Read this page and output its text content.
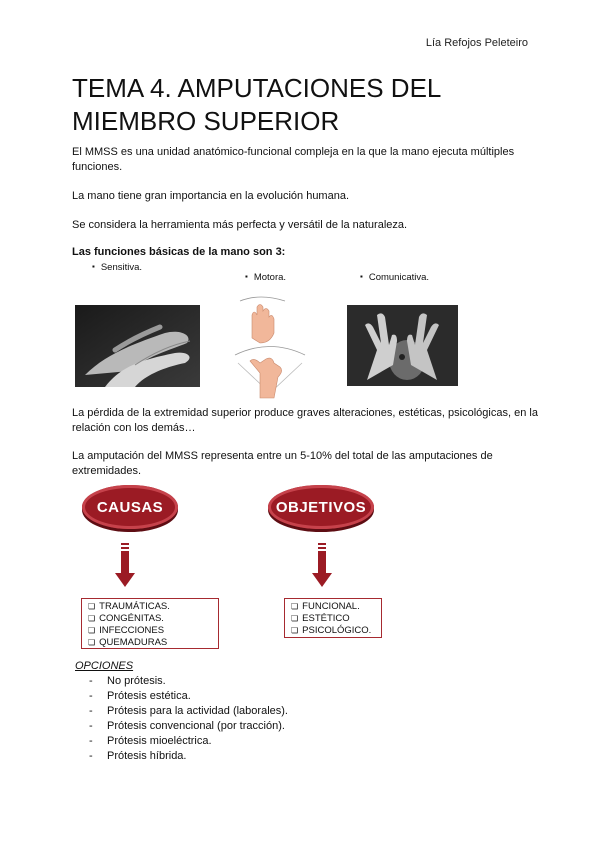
Lía Refojos Peleteiro
TEMA 4. AMPUTACIONES DEL MIEMBRO SUPERIOR

El MMSS es una unidad anatómico-funcional compleja en la que la mano ejecuta múltiples funciones.

La mano tiene gran importancia en la evolución humana.

Se considera la herramienta más perfecta y versátil de la naturaleza.

Las funciones básicas de la mano son 3:
▪ Sensitiva.
▪ Motora.
▪	Comunicativa.

La pérdida de la extremidad superior produce graves alteraciones, estéticas, psicológicas, en la relación con los demás…

La amputación del MMSS representa entre un 5-10% del total de las amputaciones de extremidades.

CAUSAS
❏ TRAUMÁTICAS.
❏ CONGÉNITAS.
❏ INFECCIONES
❏ QUEMADURAS
OBJETIVOS
❏ FUNCIONAL.
❏ ESTÉTICO
❏ PSICOLÓGICO.
OPCIONES
- No prótesis.
- Prótesis estética.
- Prótesis para la actividad (laborales).
- Prótesis convencional (por tracción).
- Prótesis mioeléctrica.
- Prótesis híbrida.
